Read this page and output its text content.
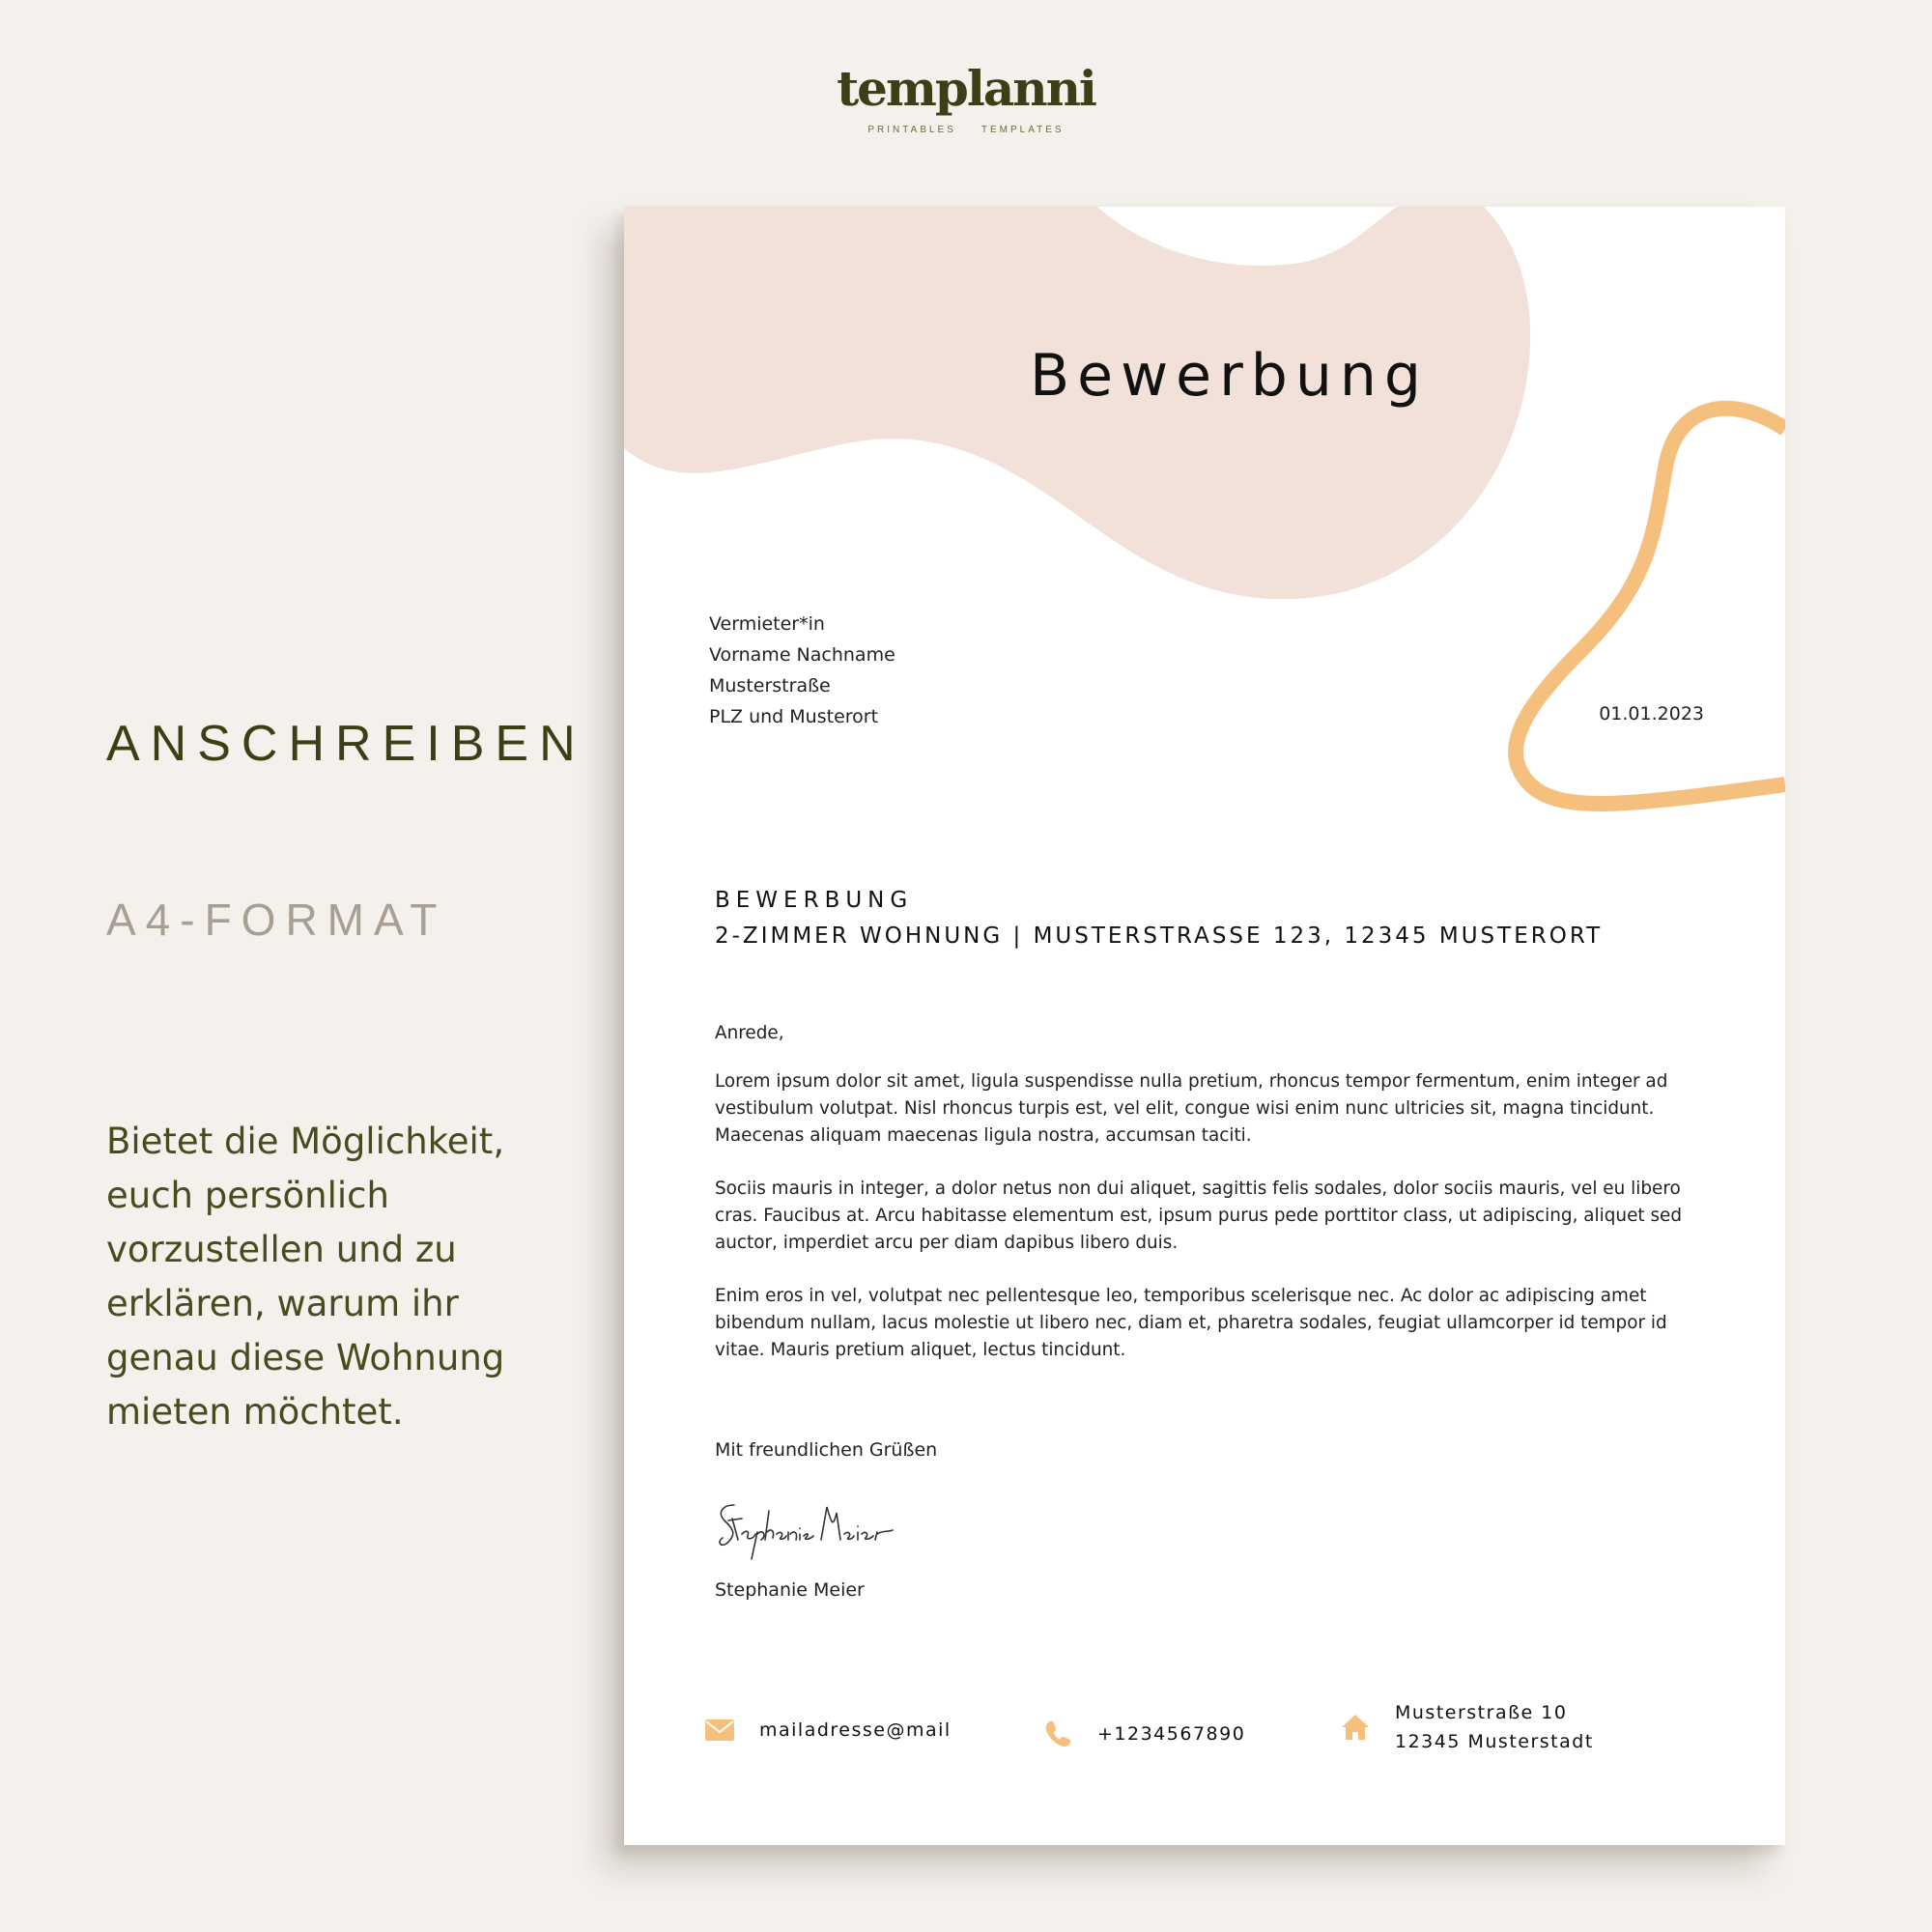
templanni
PRINTABLES	TEMPLATES
ANSCHREIBEN
A4-FORMAT

Bietet die Möglichkeit, euch persönlich vorzustellen und zu erklären, warum ihr genau diese Wohnung mieten möchtet.

Bewerbung
Vermieter*in
Vorname Nachname
Musterstraße
PLZ und Musterort	01.01.2023
BEWERBUNG
2-ZIMMER WOHNUNG | MUSTERSTRASSE 123, 12345 MUSTERORT

Anrede,

Lorem ipsum dolor sit amet, ligula suspendisse nulla pretium, rhoncus tempor fermentum, enim integer ad vestibulum volutpat. Nisl rhoncus turpis est, vel elit, congue wisi enim nunc ultricies sit, magna tincidunt. Maecenas aliquam maecenas ligula nostra, accumsan taciti.

Sociis mauris in integer, a dolor netus non dui aliquet, sagittis felis sodales, dolor sociis mauris, vel eu libero cras. Faucibus at. Arcu habitasse elementum est, ipsum purus pede porttitor class, ut adipiscing, aliquet sed auctor, imperdiet arcu per diam dapibus libero duis.

Enim eros in vel, volutpat nec pellentesque leo, temporibus scelerisque nec. Ac dolor ac adipiscing amet bibendum nullam, lacus molestie ut libero nec, diam et, pharetra sodales, feugiat ullamcorper id tempor id vitae. Mauris pretium aliquet, lectus tincidunt.

Mit freundlichen Grüßen
Stephanie Meier
mailadresse@mail	+1234567890
Musterstraße 10
12345 Musterstadt
